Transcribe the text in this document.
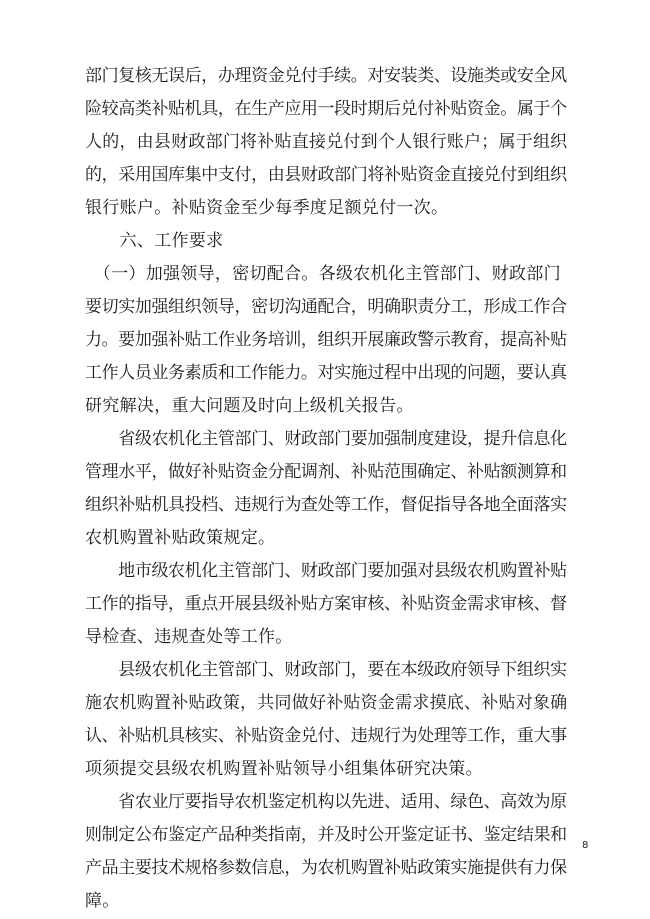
部门复核无误后，办理资金兑付手续。对安装类、设施类或安全风
险较高类补贴机具，在生产应用一段时期后兑付补贴资金。属于个
人的，由县财政部门将补贴直接兑付到个人银行账户；属于组织
的，采用国库集中支付，由县财政部门将补贴资金直接兑付到组织
银行账户。补贴资金至少每季度足额兑付一次。

　　六、工作要求

　（一）加强领导，密切配合。各级农机化主管部门、财政部门
要切实加强组织领导，密切沟通配合，明确职责分工，形成工作合
力。要加强补贴工作业务培训，组织开展廉政警示教育，提高补贴
工作人员业务素质和工作能力。对实施过程中出现的问题，要认真
研究解决，重大问题及时向上级机关报告。

　　省级农机化主管部门、财政部门要加强制度建设，提升信息化
管理水平，做好补贴资金分配调剂、补贴范围确定、补贴额测算和
组织补贴机具投档、违规行为查处等工作，督促指导各地全面落实
农机购置补贴政策规定。

　　地市级农机化主管部门、财政部门要加强对县级农机购置补贴
工作的指导，重点开展县级补贴方案审核、补贴资金需求审核、督
导检查、违规查处等工作。

　　县级农机化主管部门、财政部门，要在本级政府领导下组织实
施农机购置补贴政策，共同做好补贴资金需求摸底、补贴对象确
认、补贴机具核实、补贴资金兑付、违规行为处理等工作，重大事
项须提交县级农机购置补贴领导小组集体研究决策。

　　省农业厅要指导农机鉴定机构以先进、适用、绿色、高效为原
则制定公布鉴定产品种类指南，并及时公开鉴定证书、鉴定结果和
产品主要技术规格参数信息，为农机购置补贴政策实施提供有力保
障。

8
